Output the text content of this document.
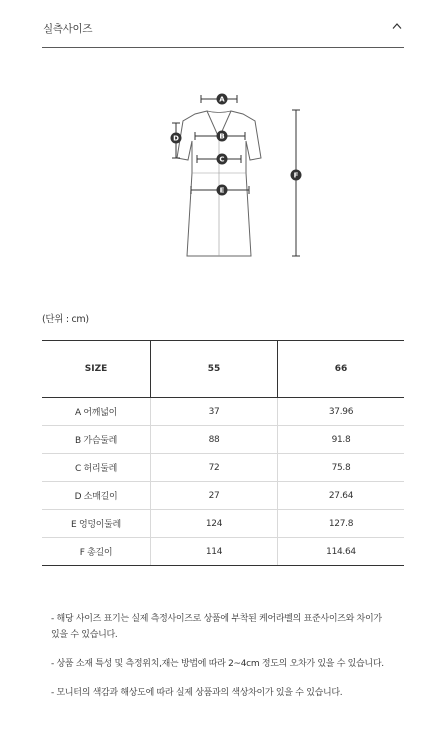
실측사이즈
A
B
C
D
E
F
(단위 : cm)
SIZE	55	66
A 어깨넓이	37	37.96
B 가슴둘레	88	91.8
C 허리둘레	72	75.8
D 소매길이	27	27.64
E 엉덩이둘레	124	127.8
F 총길이	114	114.64
- 해당 사이즈 표기는 실제 측정사이즈로 상품에 부착된 케어라벨의 표준사이즈와 차이가 있을 수 있습니다.
- 상품 소재 특성 및 측정위치,재는 방법에 따라 2~4cm 정도의 오차가 있을 수 있습니다.
- 모니터의 색감과 해상도에 따라 실제 상품과의 색상차이가 있을 수 있습니다.
